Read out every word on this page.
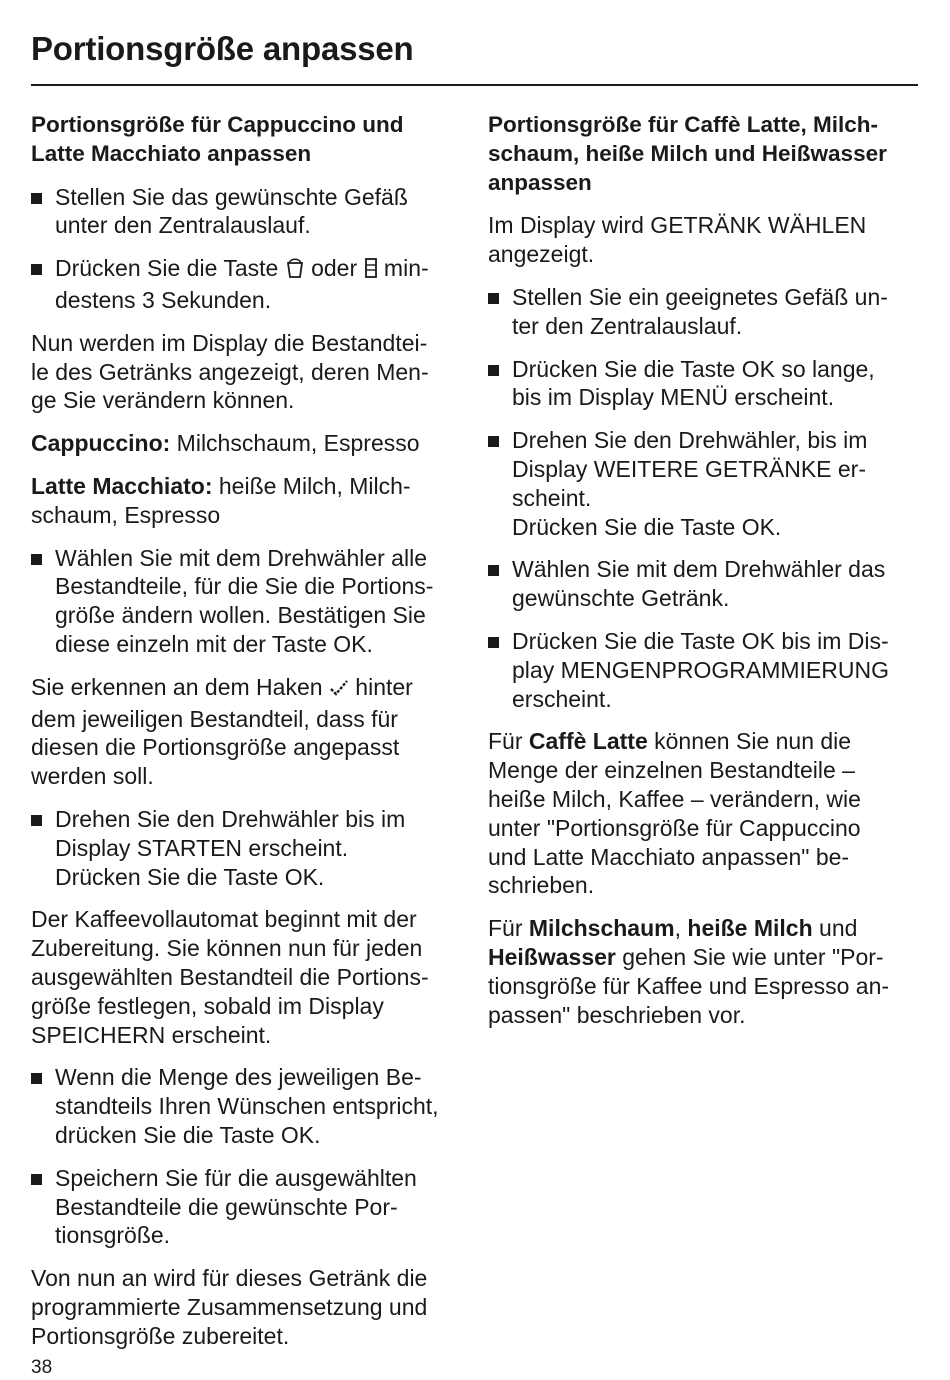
Portionsgröße anpassen
Portionsgröße für Cappuccino und
Latte Macchiato anpassen
Stellen Sie das gewünschte Gefäß
unter den Zentralauslauf.
Drücken Sie die Taste  oder  min-
destens 3 Sekunden.

Nun werden im Display die Bestandtei-
le des Getränks angezeigt, deren Men-
ge Sie verändern können.

Cappuccino: Milchschaum, Espresso

Latte Macchiato: heiße Milch, Milch-
schaum, Espresso

Wählen Sie mit dem Drehwähler alle
Bestandteile, für die Sie die Portions-
größe ändern wollen. Bestätigen Sie
diese einzeln mit der Taste OK.

Sie erkennen an dem Haken  hinter
dem jeweiligen Bestandteil, dass für
diesen die Portionsgröße angepasst
werden soll.

Drehen Sie den Drehwähler bis im
Display STARTEN erscheint.
Drücken Sie die Taste OK.

Der Kaffeevollautomat beginnt mit der
Zubereitung. Sie können nun für jeden
ausgewählten Bestandteil die Portions-
größe festlegen, sobald im Display
SPEICHERN erscheint.

Wenn die Menge des jeweiligen Be-
standteils Ihren Wünschen entspricht,
drücken Sie die Taste OK.
Speichern Sie für die ausgewählten
Bestandteile die gewünschte Por-
tionsgröße.

Von nun an wird für dieses Getränk die
programmierte Zusammensetzung und
Portionsgröße zubereitet.

Portionsgröße für Caffè Latte, Milch-
schaum, heiße Milch und Heißwasser
anpassen

Im Display wird GETRÄNK WÄHLEN
angezeigt.

Stellen Sie ein geeignetes Gefäß un-
ter den Zentralauslauf.
Drücken Sie die Taste OK so lange,
bis im Display MENÜ erscheint.
Drehen Sie den Drehwähler, bis im
Display WEITERE GETRÄNKE er-
scheint.
Drücken Sie die Taste OK.
Wählen Sie mit dem Drehwähler das
gewünschte Getränk.
Drücken Sie die Taste OK bis im Dis-
play MENGENPROGRAMMIERUNG
erscheint.

Für Caffè Latte können Sie nun die
Menge der einzelnen Bestandteile –
heiße Milch, Kaffee – verändern, wie
unter "Portionsgröße für Cappuccino
und Latte Macchiato anpassen" be-
schrieben.

Für Milchschaum, heiße Milch und
Heißwasser gehen Sie wie unter "Por-
tionsgröße für Kaffee und Espresso an-
passen" beschrieben vor.

38
